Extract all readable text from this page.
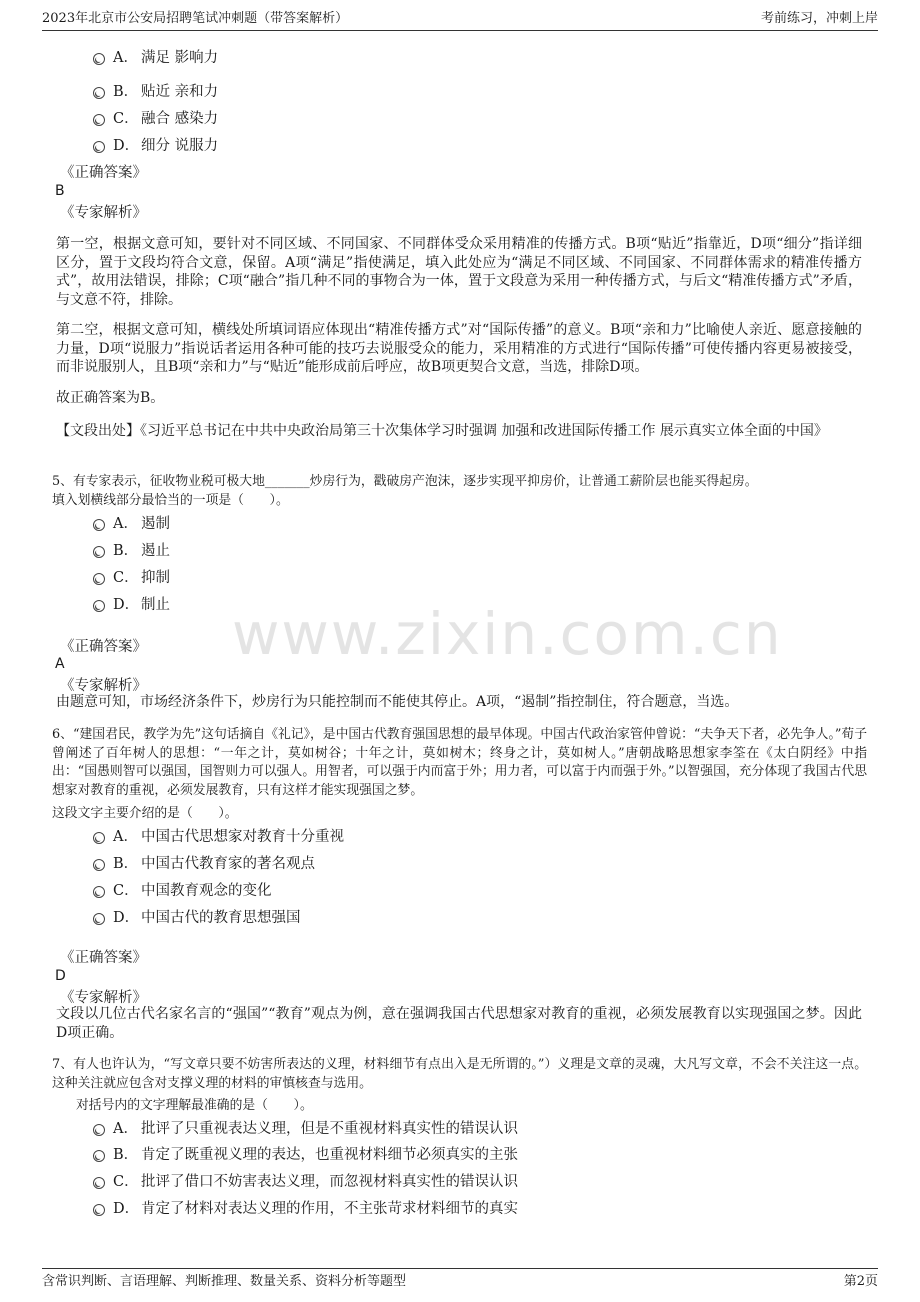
2023年北京市公安局招聘笔试冲刺题（带答案解析）	考前练习，冲刺上岸
www.zixin.com.cn
A． 满足 影响力
B． 贴近 亲和力
C． 融合 感染力
D． 细分 说服力
《正确答案》
B
《专家解析》
第一空，根据文意可知，要针对不同区域、不同国家、不同群体受众采用精准的传播方式。B项“贴近”指靠近，D项“细分”指详细区分，置于文段均符合文意，保留。A项“满足”指使满足，填入此处应为“满足不同区域、不同国家、不同群体需求的精准传播方式”，故用法错误，排除；C项“融合”指几种不同的事物合为一体，置于文段意为采用一种传播方式，与后文“精准传播方式”矛盾，与文意不符，排除。
第二空，根据文意可知，横线处所填词语应体现出“精准传播方式”对“国际传播”的意义。B项“亲和力”比喻使人亲近、愿意接触的力量，D项“说服力”指说话者运用各种可能的技巧去说服受众的能力，采用精准的方式进行“国际传播”可使传播内容更易被接受，而非说服别人，且B项“亲和力”与“贴近”能形成前后呼应，故B项更契合文意，当选，排除D项。
故正确答案为B。
【文段出处】《习近平总书记在中共中央政治局第三十次集体学习时强调 加强和改进国际传播工作 展示真实立体全面的中国》
5、有专家表示，征收物业税可极大地_______炒房行为，戳破房产泡沫，逐步实现平抑房价，让普通工薪阶层也能买得起房。
填入划横线部分最恰当的一项是（　　）。
A． 遏制
B． 遏止
C． 抑制
D． 制止
《正确答案》
A
《专家解析》
由题意可知，市场经济条件下，炒房行为只能控制而不能使其停止。A项，“遏制”指控制住，符合题意，当选。
6、“建国君民，教学为先”这句话摘自《礼记》，是中国古代教育强国思想的最早体现。中国古代政治家管仲曾说：“夫争天下者，必先争人。”荀子曾阐述了百年树人的思想：“一年之计，莫如树谷；十年之计，莫如树木；终身之计，莫如树人。”唐朝战略思想家李筌在《太白阴经》中指出：“国愚则智可以强国，国智则力可以强人。用智者，可以强于内而富于外；用力者，可以富于内而强于外。”以智强国，充分体现了我国古代思想家对教育的重视，必须发展教育，只有这样才能实现强国之梦。
这段文字主要介绍的是（　　）。
A． 中国古代思想家对教育十分重视
B． 中国古代教育家的著名观点
C． 中国教育观念的变化
D． 中国古代的教育思想强国
《正确答案》
D
《专家解析》
文段以几位古代名家名言的“强国”“教育”观点为例，意在强调我国古代思想家对教育的重视，必须发展教育以实现强国之梦。因此D项正确。
7、有人也许认为，“写文章只要不妨害所表达的义理，材料细节有点出入是无所谓的。”）义理是文章的灵魂，大凡写文章，不会不关注这一点。这种关注就应包含对支撑义理的材料的审慎核查与选用。
对括号内的文字理解最准确的是（　　）。
A． 批评了只重视表达义理，但是不重视材料真实性的错误认识
B． 肯定了既重视义理的表达，也重视材料细节必须真实的主张
C． 批评了借口不妨害表达义理，而忽视材料真实性的错误认识
D． 肯定了材料对表达义理的作用，不主张苛求材料细节的真实
含常识判断、言语理解、判断推理、数量关系、资料分析等题型	第2页
